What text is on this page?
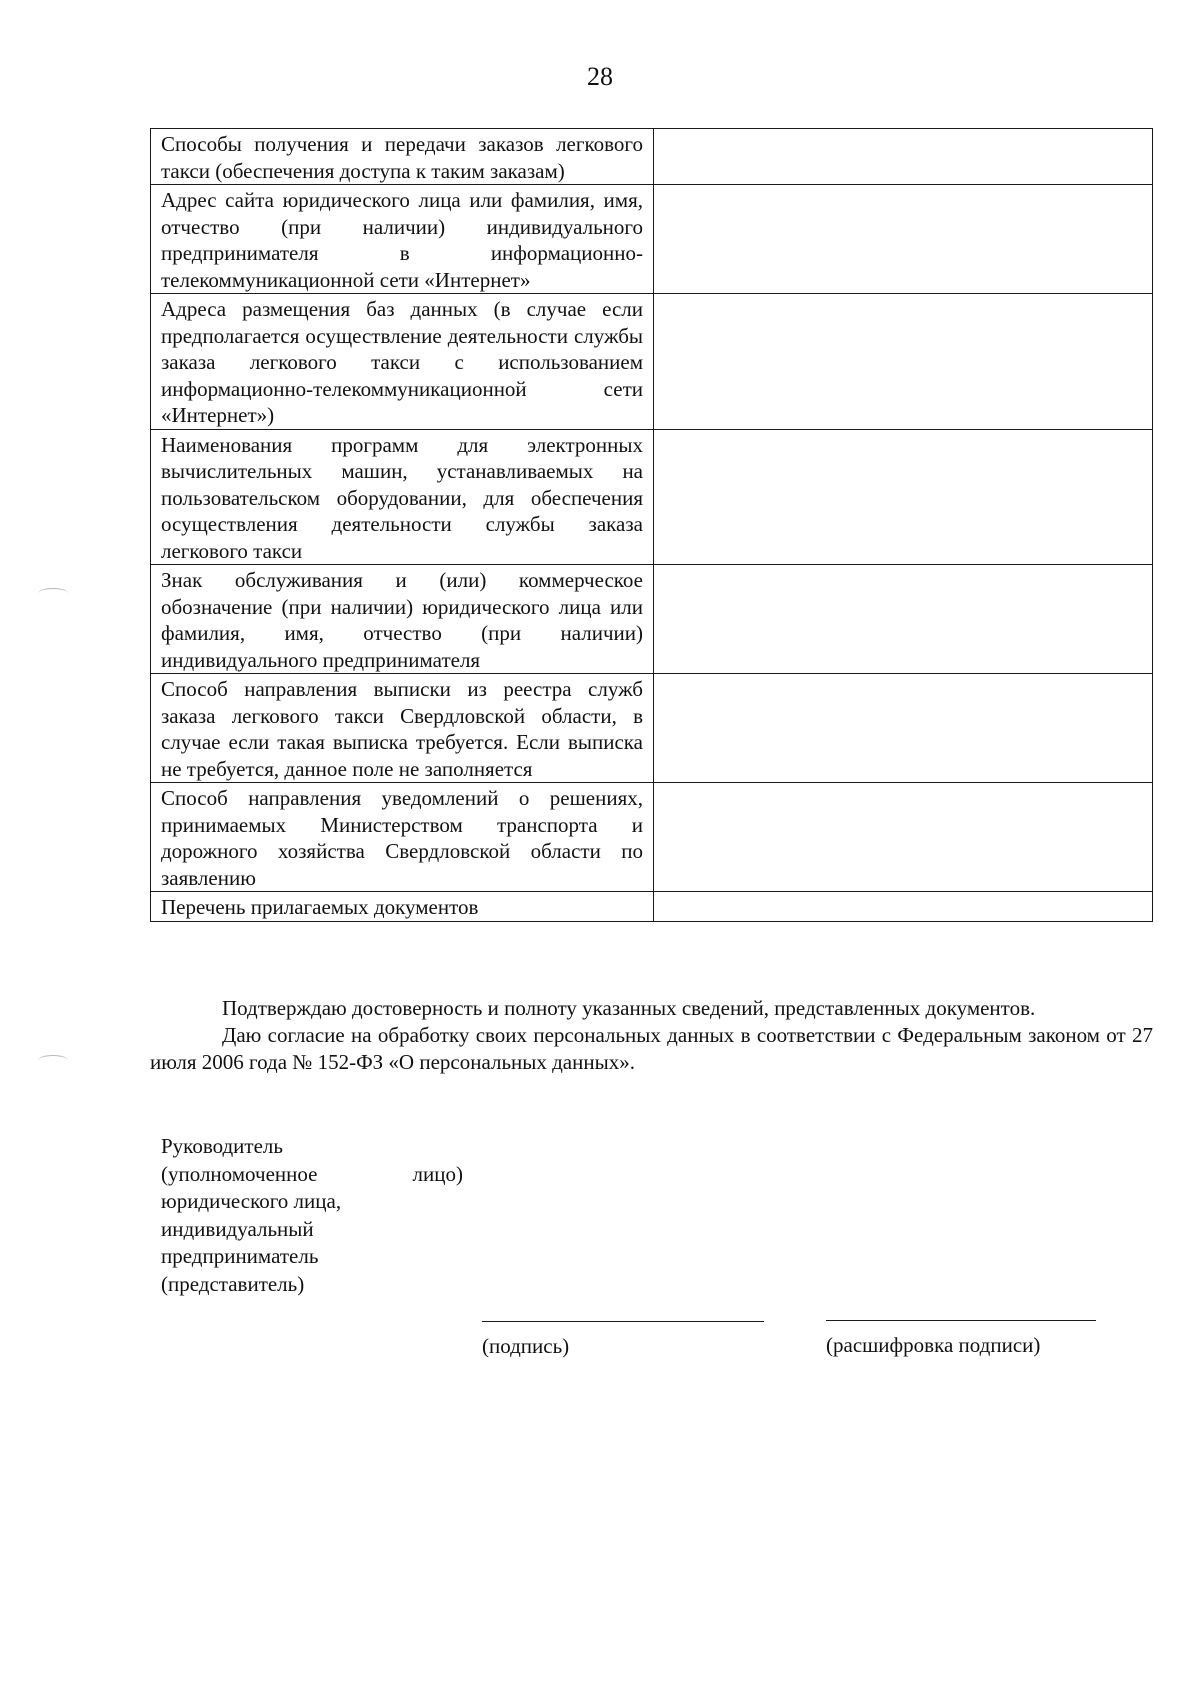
28
Способы получения и передачи заказов легкового такси (обеспечения доступа к таким заказам)	
Адрес сайта юридического лица или фамилия, имя, отчество (при наличии) индивидуального предпринимателя в информационно-телекоммуникационной сети «Интернет»	
Адреса размещения баз данных (в случае если предполагается осуществление деятельности службы заказа легкового такси с использованием информационно-телекоммуникационной сети «Интернет»)	
Наименования программ для электронных вычислительных машин, устанавливаемых на пользовательском оборудовании, для обеспечения осуществления деятельности службы заказа легкового такси	
Знак обслуживания и (или) коммерческое обозначение (при наличии) юридического лица или фамилия, имя, отчество (при наличии) индивидуального предпринимателя	
Способ направления выписки из реестра служб заказа легкового такси Свердловской области, в случае если такая выписка требуется. Если выписка не требуется, данное поле не заполняется	
Способ направления уведомлений о решениях, принимаемых Министерством транспорта и дорожного хозяйства Свердловской области по заявлению	
Перечень прилагаемых документов	

Подтверждаю достоверность и полноту указанных сведений, представленных документов.

Даю согласие на обработку своих персональных данных в соответствии с Федеральным законом от 27 июля 2006 года № 152-ФЗ «О персональных данных».

Руководитель
(уполномоченное	лицо)
юридического лица,
индивидуальный
предприниматель
(представитель)
(подпись)	(расшифровка подписи)
